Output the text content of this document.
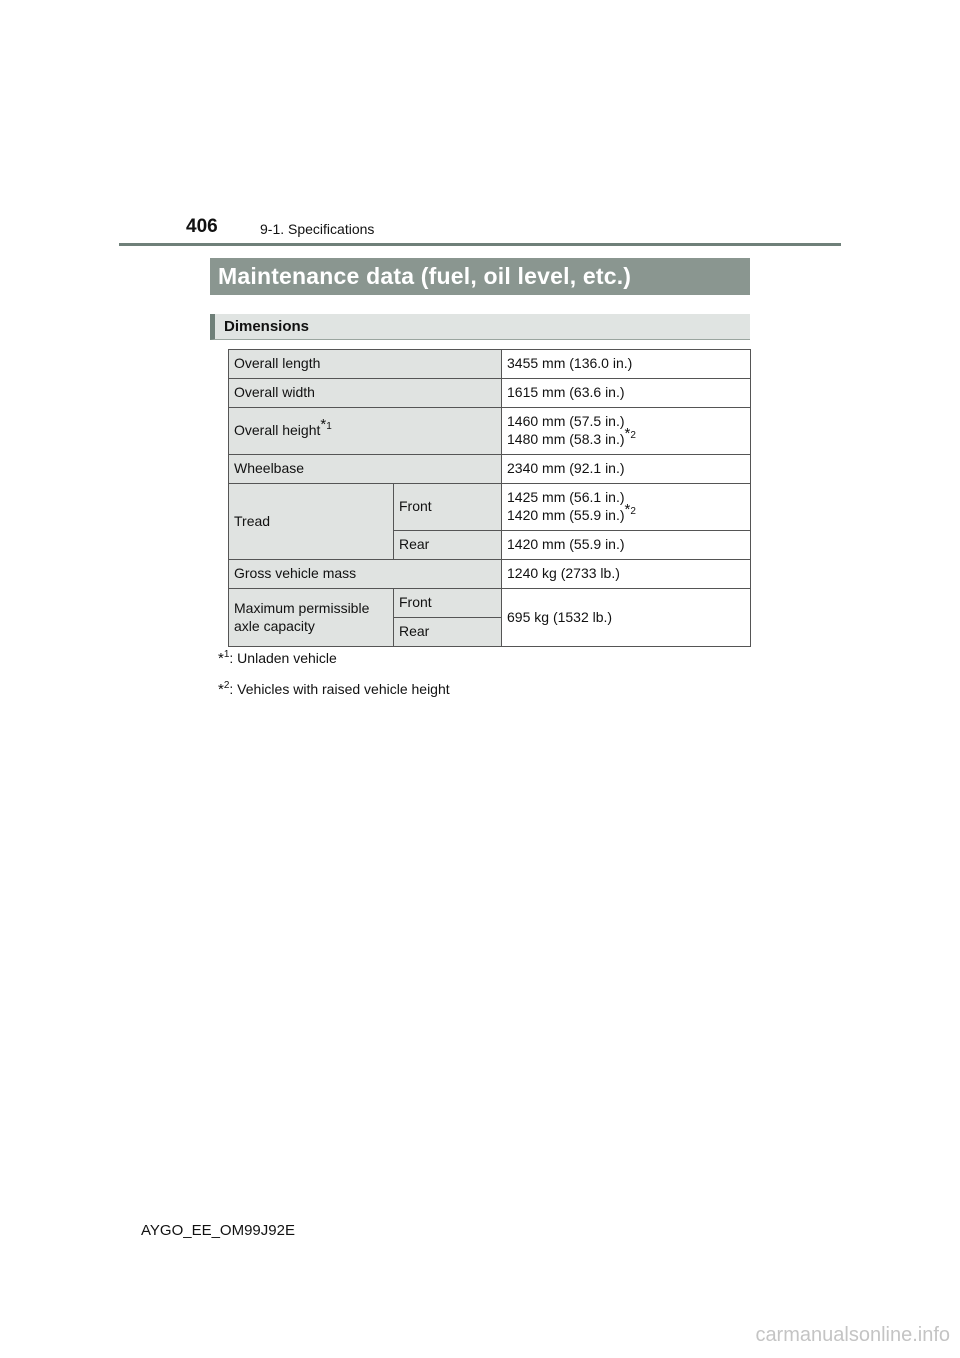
406	9-1. Specifications
Maintenance data (fuel, oil level, etc.)
Dimensions
Overall length		3455 mm (136.0 in.)
Overall width		1615 mm (63.6 in.)
Overall height$^{*1}$		1460 mm (57.5 in.)
1480 mm (58.3 in.)$^{*2}$

Wheelbase		2340 mm (92.1 in.)
Tread	Front	1425 mm (56.1 in.)
1420 mm (55.9 in.)$^{*2}$

	Rear	1420 mm (55.9 in.)
Gross vehicle mass		1240 kg (2733 lb.)

Maximum permissible
axle capacity	Front	695 kg (1532 lb.)
	Rear	
*$^1$: Unladen vehicle
*$^2$: Vehicles with raised vehicle height
AYGO_EE_OM99J92E
carmanualsonline.info
